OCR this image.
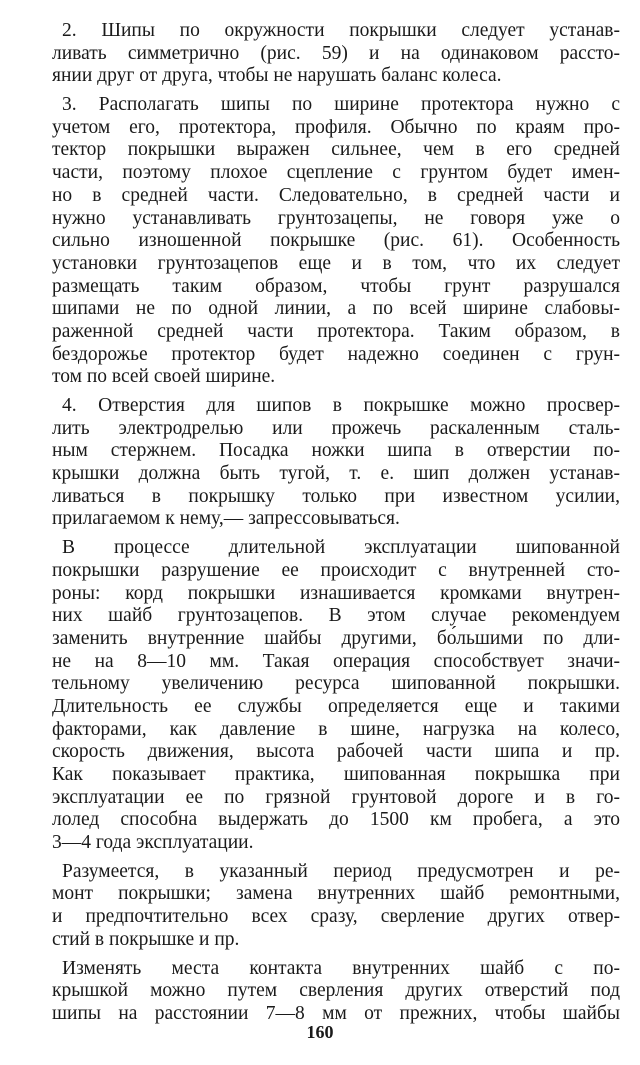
2. Шипы по окружности покрышки следует устанав-
ливать симметрично (рис. 59) и на одинаковом рассто-
янии друг от друга, чтобы не нарушать баланс колеса.
3. Располагать шипы по ширине протектора нужно с
учетом его, протектора, профиля. Обычно по краям про-
тектор покрышки выражен сильнее, чем в его средней
части, поэтому плохое сцепление с грунтом будет имен-
но в средней части. Следовательно, в средней части и
нужно устанавливать грунтозацепы, не говоря уже о
сильно изношенной покрышке (рис. 61). Особенность
установки грунтозацепов еще и в том, что их следует
размещать таким образом, чтобы грунт разрушался
шипами не по одной линии, а по всей ширине слабовы-
раженной средней части протектора. Таким образом, в
бездорожье протектор будет надежно соединен с грун-
том по всей своей ширине.
4. Отверстия для шипов в покрышке можно просвер-
лить электродрелью или прожечь раскаленным сталь-
ным стержнем. Посадка ножки шипа в отверстии по-
крышки должна быть тугой, т. е. шип должен устанав-
ливаться в покрышку только при известном усилии,
прилагаемом к нему,— запрессовываться.
В процессе длительной эксплуатации шипованной
покрышки разрушение ее происходит с внутренней сто-
роны: корд покрышки изнашивается кромками внутрен-
них шайб грунтозацепов. В этом случае рекомендуем
заменить внутренние шайбы другими, бо́льшими по дли-
не на 8—10 мм. Такая операция способствует значи-
тельному увеличению ресурса шипованной покрышки.
Длительность ее службы определяется еще и такими
факторами, как давление в шине, нагрузка на колесо,
скорость движения, высота рабочей части шипа и пр.
Как показывает практика, шипованная покрышка при
эксплуатации ее по грязной грунтовой дороге и в го-
лолед способна выдержать до 1500 км пробега, а это
3—4 года эксплуатации.
Разумеется, в указанный период предусмотрен и ре-
монт покрышки; замена внутренних шайб ремонтными,
и предпочтительно всех сразу, сверление других отвер-
стий в покрышке и пр.
Изменять места контакта внутренних шайб с по-
крышкой можно путем сверления других отверстий под
шипы на расстоянии 7—8 мм от прежних, чтобы шайбы
160
